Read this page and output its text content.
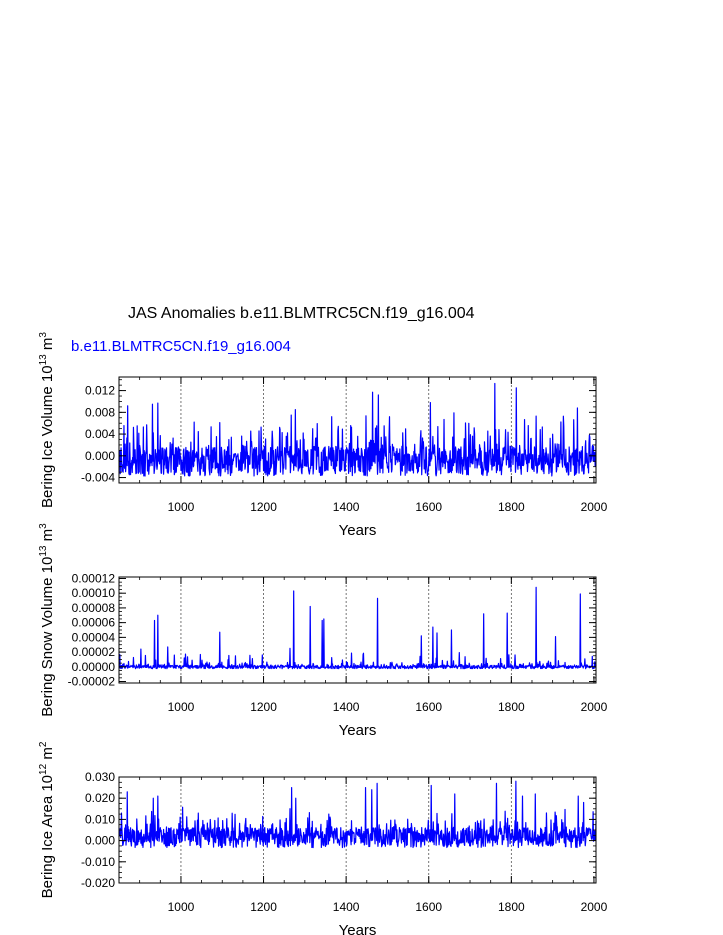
JAS Anomalies b.e11.BLMTRC5CN.f19_g16.004
b.e11.BLMTRC5CN.f19_g16.004
1000	1200	1400	1600	1800	2000
-0.004
0.000
0.004
0.008
0.012
Years
Bering Ice Volume $10^{13}$ $m^3$
1000	1200	1400	1600	1800	2000
-0.00002
0.00000
0.00002
0.00004
0.00006
0.00008
0.00010
0.00012
Years
Bering Snow Volume $10^{13}$ $m^3$
1000	1200	1400	1600	1800	2000
-0.020
-0.010
0.000
0.010
0.020
0.030
Years
Bering Ice Area $10^{12}$ $m^2$
